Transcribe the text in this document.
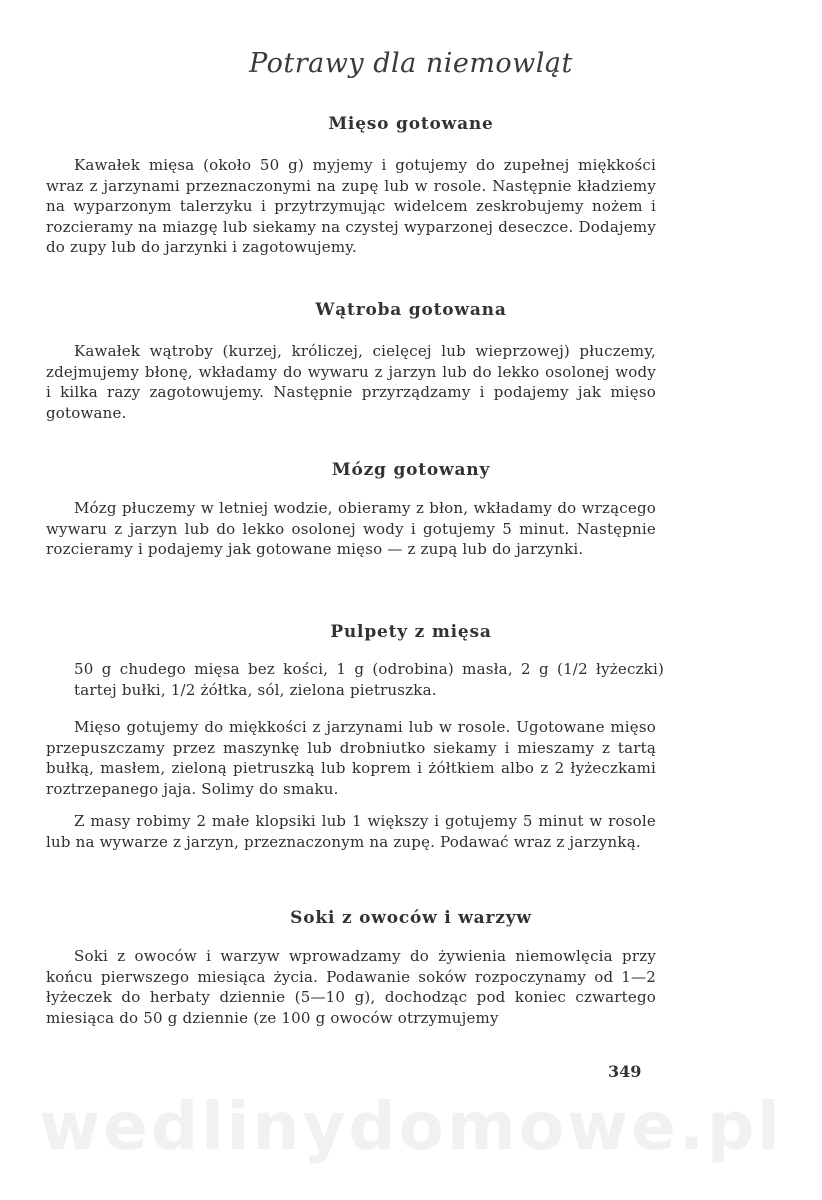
Potrawy dla niemowląt
Mięso gotowane
Kawałek mięsa (około 50 g) myjemy i gotujemy do zupełnej miękkości wraz z jarzynami przeznaczonymi na zupę lub w rosole. Następnie kładziemy na wyparzonym talerzyku i przytrzymując widelcem zeskrobujemy nożem i rozcieramy na miazgę lub siekamy na czystej wyparzonej deseczce. Dodajemy do zupy lub do jarzynki i zagotowujemy.
Wątroba gotowana
Kawałek wątroby (kurzej, króliczej, cielęcej lub wieprzowej) płuczemy, zdejmujemy błonę, wkładamy do wywaru z jarzyn lub do lekko osolonej wody i kilka razy zagotowujemy. Następnie przyrządzamy i podajemy jak mięso gotowane.
Mózg gotowany
Mózg płuczemy w letniej wodzie, obieramy z błon, wkładamy do wrzącego wywaru z jarzyn lub do lekko osolonej wody i gotujemy 5 minut. Następnie rozcieramy i podajemy jak gotowane mięso — z zupą lub do jarzynki.
Pulpety z mięsa
50 g chudego mięsa bez kości, 1 g (odrobina) masła, 2 g (1/2 łyżeczki) tartej bułki, 1/2 żółtka, sól, zielona pietruszka.
Mięso gotujemy do miękkości z jarzynami lub w rosole. Ugotowane mięso przepuszczamy przez maszynkę lub drobniutko siekamy i mieszamy z tartą bułką, masłem, zieloną pietruszką lub koprem i żółtkiem albo z 2 łyżeczkami roztrzepanego jaja. Solimy do smaku.
Z masy robimy 2 małe klopsiki lub 1 większy i gotujemy 5 minut w rosole lub na wywarze z jarzyn, przeznaczonym na zupę. Podawać wraz z jarzynką.
Soki z owoców i warzyw
Soki z owoców i warzyw wprowadzamy do żywienia niemowlęcia przy końcu pierwszego miesiąca życia. Podawanie soków rozpoczynamy od 1—2 łyżeczek do herbaty dziennie (5—10 g), dochodząc pod koniec czwartego miesiąca do 50 g dziennie (ze 100 g owoców otrzymujemy
349
wedlinydomowe.pl
